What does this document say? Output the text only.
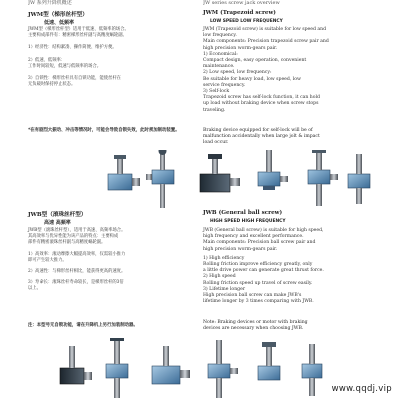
JW 系列升降机概述	JW series screw jack overview
JWM型（梯形丝杆型）
低速、低频率
JWM型（梯形丝杆型）适用于低速、低频率的场合。
主要构成部件有：精密梯形丝杆副与高精度蜗轮副。
1）经济性：结构紧凑、操作简便、维护方便。
2）低速、低频率：
工作时间较短，低速与低频率的场合。
3）自锁性：梯形丝杆具有自锁功能，能使丝杆在
无负载时保持停止状态。
*在有剧烈大振动、冲击等情况时，可能会导致自锁失效，此时须加制动装置。
JWM (Trapezoid screw)
LOW SPEED LOW FREQUENCY
JWM (Trapezoid screw) is suitable for low speed and
low frequency.
Main components: Precision trapezoid screw pair and
high precision worm-gears pair.
1) Economical:
Compact design, easy operation, convenient
maintenance.
2) Low speed, low frequency:
Be suitable for heavy load, low speed, low
service frequency.
3) Self-lock
Trapezoid screw has self-lock function, it can hold
up load without braking device when screw stops
traveling.
Braking device equipped for self-lock will be of
malfunction accidentally when large jolt & impact
load occur.
JWB型（滚珠丝杆型）
高速 高频率
JWB型（滚珠丝杆型），适用于高速、高频率场合。
其高效率与优异性能为该产品的特点：主要构成
部件有精密滚珠丝杆副与高精度蜗轮副。
1）高效率：滚动摩擦大幅提高效率，仅需较小推力
即可产生较大推力。
2）高速性：与梯形丝杆相比，能获得更高的速度。
3）寿命长：滚珠丝杆寿命较长，是梯形丝杆的3倍
以上。
注：本型号无自锁功能，请在升降机上另行加装制动器。
JWB (General ball screw)
HIGH SPEED HIGH FREQUENCY
JWB (General ball screw) is suitable for high speed,
high frequency and excellent performance.
Main components: Precision ball screw pair and
high precision worm-gears pair.
1) High efficiency
Rolling friction improve efficiency greatly, only
a little drive power can generate great thrust force.
2) High speed
Rolling friction speed up travel of screw easily.
3) Lifetime longer
High precision ball screw can make JWB's
lifetime longer by 3 times comparing with JWB.
Note: Braking devices or motor with braking
devices are necessary when choosing JWB.
www.qqdj.vip
